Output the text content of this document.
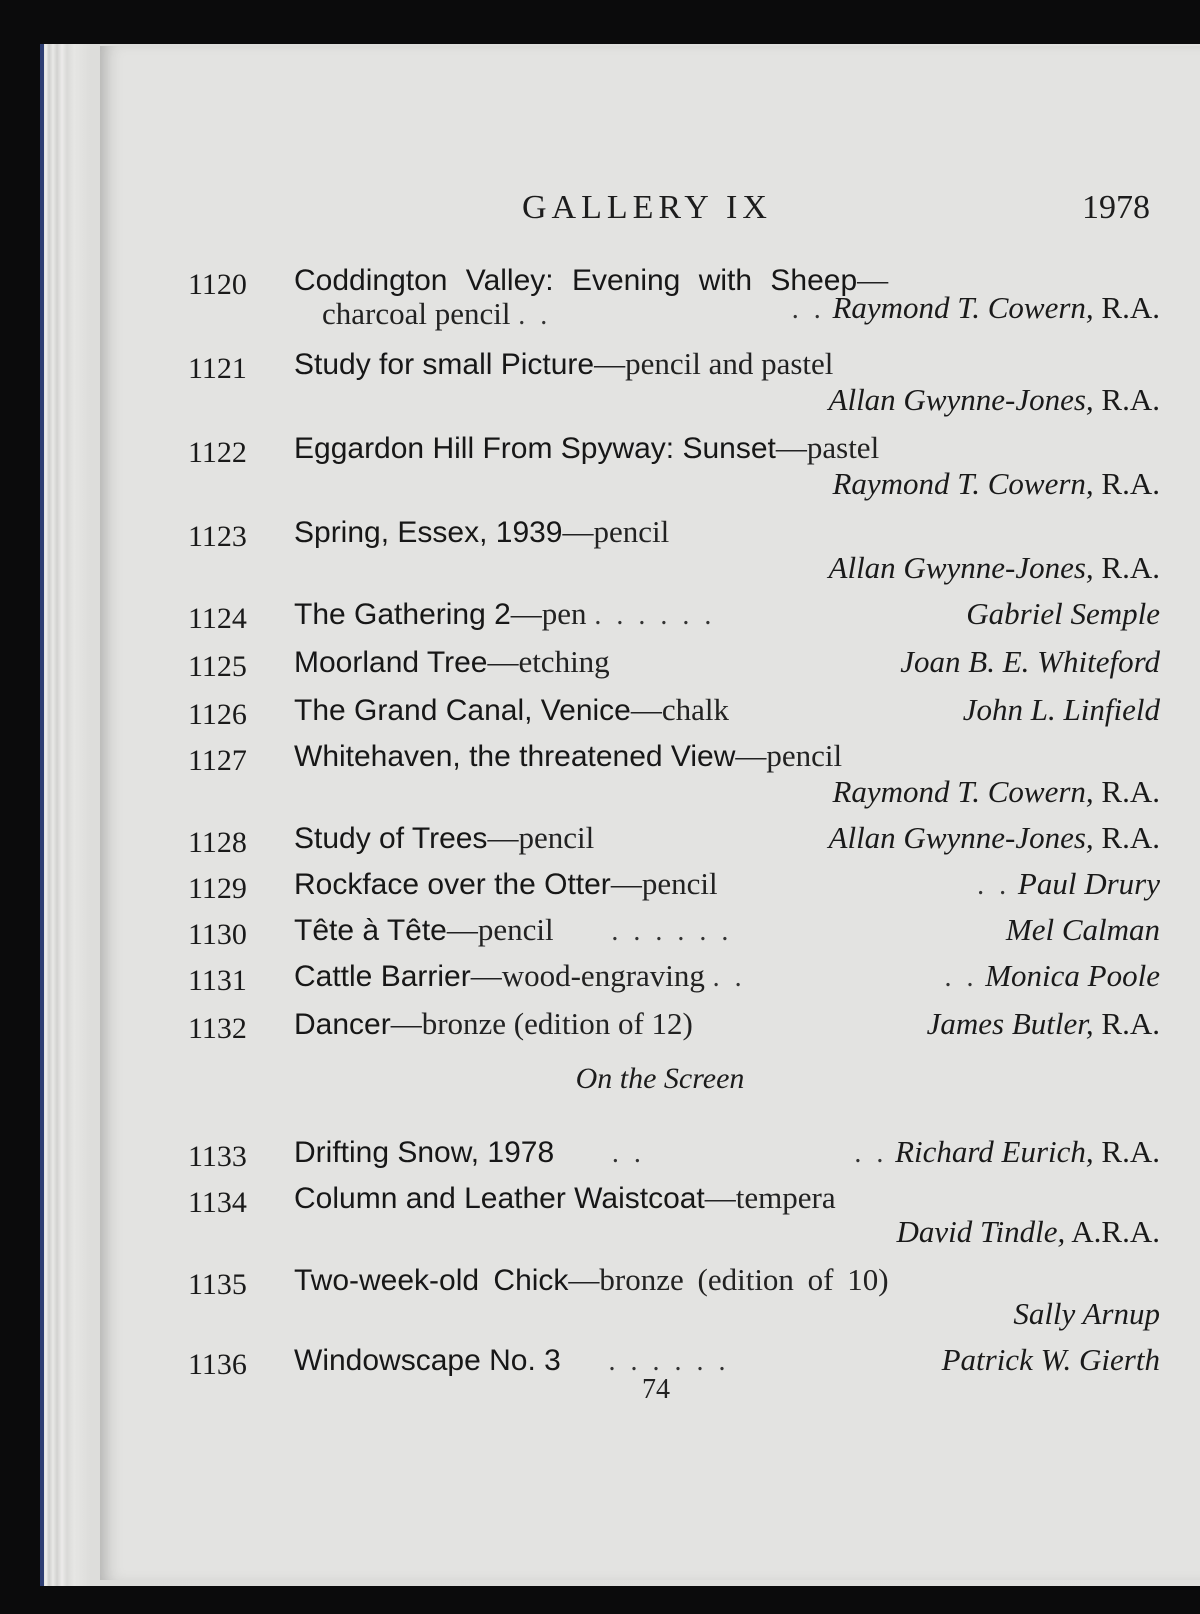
GALLERY IX	1978
1120 Coddington Valley: Evening with Sheep—
charcoal pencil . .	. . Raymond T. Cowern, R.A.
1121 Study for small Picture—pencil and pastel
Allan Gwynne-Jones, R.A.
1122 Eggardon Hill From Spyway: Sunset—pastel
Raymond T. Cowern, R.A.
1123 Spring, Essex, 1939—pencil
Allan Gwynne-Jones, R.A.
1124 The Gathering 2—pen . . . . . .	Gabriel Semple
1125 Moorland Tree—etching	Joan B. E. Whiteford
1126 The Grand Canal, Venice—chalk	John L. Linfield
1127 Whitehaven, the threatened View—pencil
Raymond T. Cowern, R.A.
1128 Study of Trees—pencil	Allan Gwynne-Jones, R.A.
1129 Rockface over the Otter—pencil	. . Paul Drury
1130 Tête à Tête—pencil . . . . . .	Mel Calman
1131 Cattle Barrier—wood-engraving . .	. . Monica Poole
1132 Dancer—bronze (edition of 12)	James Butler, R.A.
On the Screen
1133 Drifting Snow, 1978 . .	. . Richard Eurich, R.A.
1134 Column and Leather Waistcoat—tempera
David Tindle, A.R.A.
1135 Two-week-old Chick—bronze (edition of 10)
Sally Arnup
1136 Windowscape No. 3 . . . . . .	Patrick W. Gierth
74
